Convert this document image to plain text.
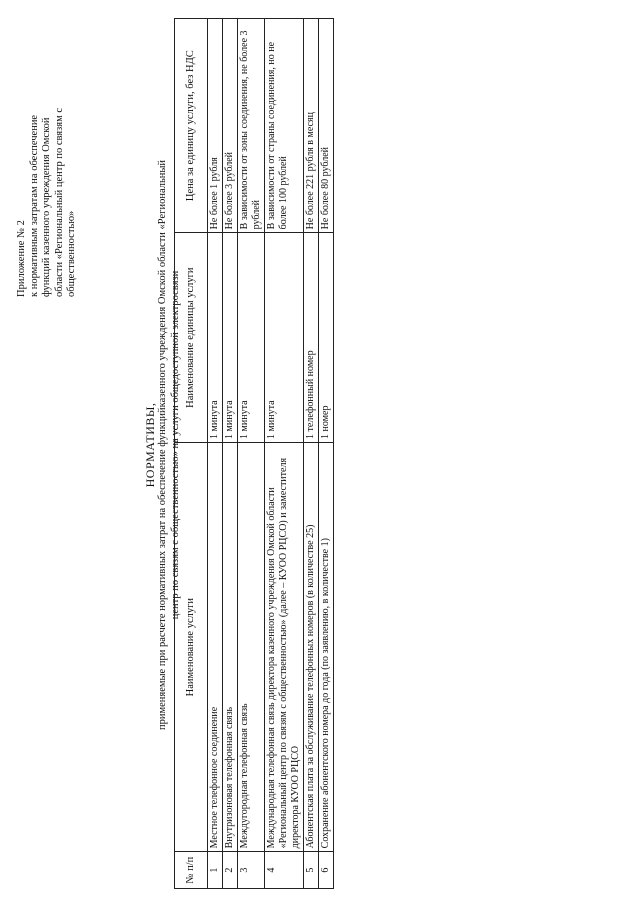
Приложение № 2 к нормативным затратам на обеспечение функций казенного учреждения Омской области «Региональный центр по связям с общественностью»
НОРМАТИВЫ, применяемые при расчете нормативных затрат на обеспечение функцийказенного учреждения Омской области «Региональный центр по связям с общественностью» на услуги общедоступной электросвязи
№ п/п	Наименование услуги	Наименование единицы услуги	Цена за единицу услуги, без НДС
1	Местное телефонное соединение	1 минута	Не более 1 рубля
2	Внутризоновая телефонная связь	1 минута	Не более 3 рублей
3	Междугородная телефонная связь	1 минута	В зависимости от зоны соединения, не более 3 рублей
4	Международная телефонная связь директора казенного учреждения Омской области «Региональный центр по связям с общественностью» (далее – КУОО РЦСО) и заместителя директора КУОО РЦСО	1 минута	В зависимости от страны соединения, но не более 100 рублей
5	Абонентская плата за обслуживание телефонных номеров (в количестве 25)	1 телефонный номер	Не более 221 рубля в месяц
6	Сохранение абонентского номера до года (по заявлению, в количестве 1)	1 номер	Не более 80 рублей
